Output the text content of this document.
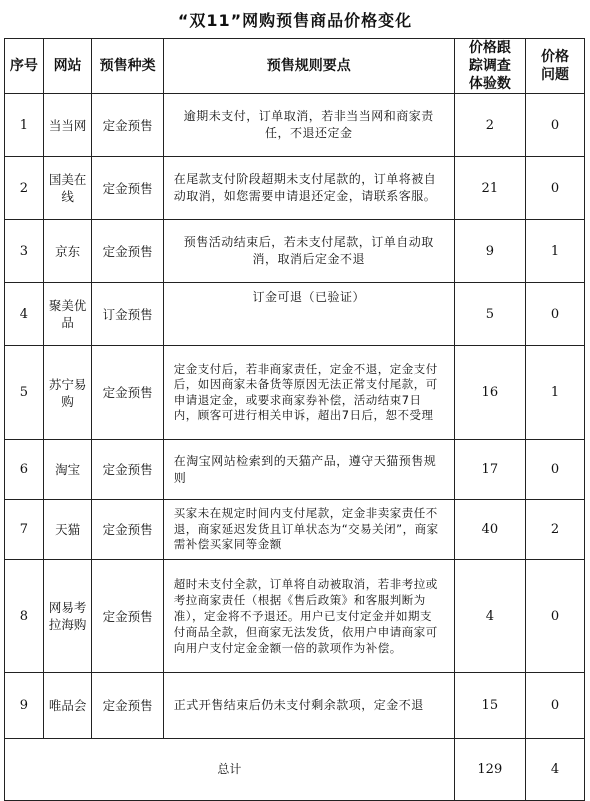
“双11”网购预售商品价格变化
序号	网站	预售种类	预售规则要点	价格跟踪调查体验数	价格问题
1	当当网	定金预售	逾期未支付，订单取消，若非当当网和商家责任，不退还定金	2	0
2	国美在线	定金预售	在尾款支付阶段超期未支付尾款的，订单将被自动取消，如您需要申请退还定金，请联系客服。	21	0
3	京东	定金预售	预售活动结束后，若未支付尾款，订单自动取消，取消后定金不退	9	1
4	聚美优品	订金预售	订金可退（已验证）	5	0
5	苏宁易购	定金预售	定金支付后，若非商家责任，定金不退，定金支付后，如因商家未备货等原因无法正常支付尾款，可申请退定金，或要求商家券补偿，活动结束7日内，顾客可进行相关申诉，超出7日后，恕不受理	16	1
6	淘宝	定金预售	在淘宝网站检索到的天猫产品，遵守天猫预售规则	17	0
7	天猫	定金预售	买家未在规定时间内支付尾款，定金非卖家责任不退，商家延迟发货且订单状态为“交易关闭”，商家需补偿买家同等金额	40	2
8	网易考拉海购	定金预售	超时未支付全款，订单将自动被取消，若非考拉或考拉商家责任（根据《售后政策》和客服判断为准），定金将不予退还。用户已支付定金并如期支付商品全款，但商家无法发货，依用户申请商家可向用户支付定金金额一倍的款项作为补偿。	4	0
9	唯品会	定金预售	正式开售结束后仍未支付剩余款项，定金不退	15	0
总计				129	4
